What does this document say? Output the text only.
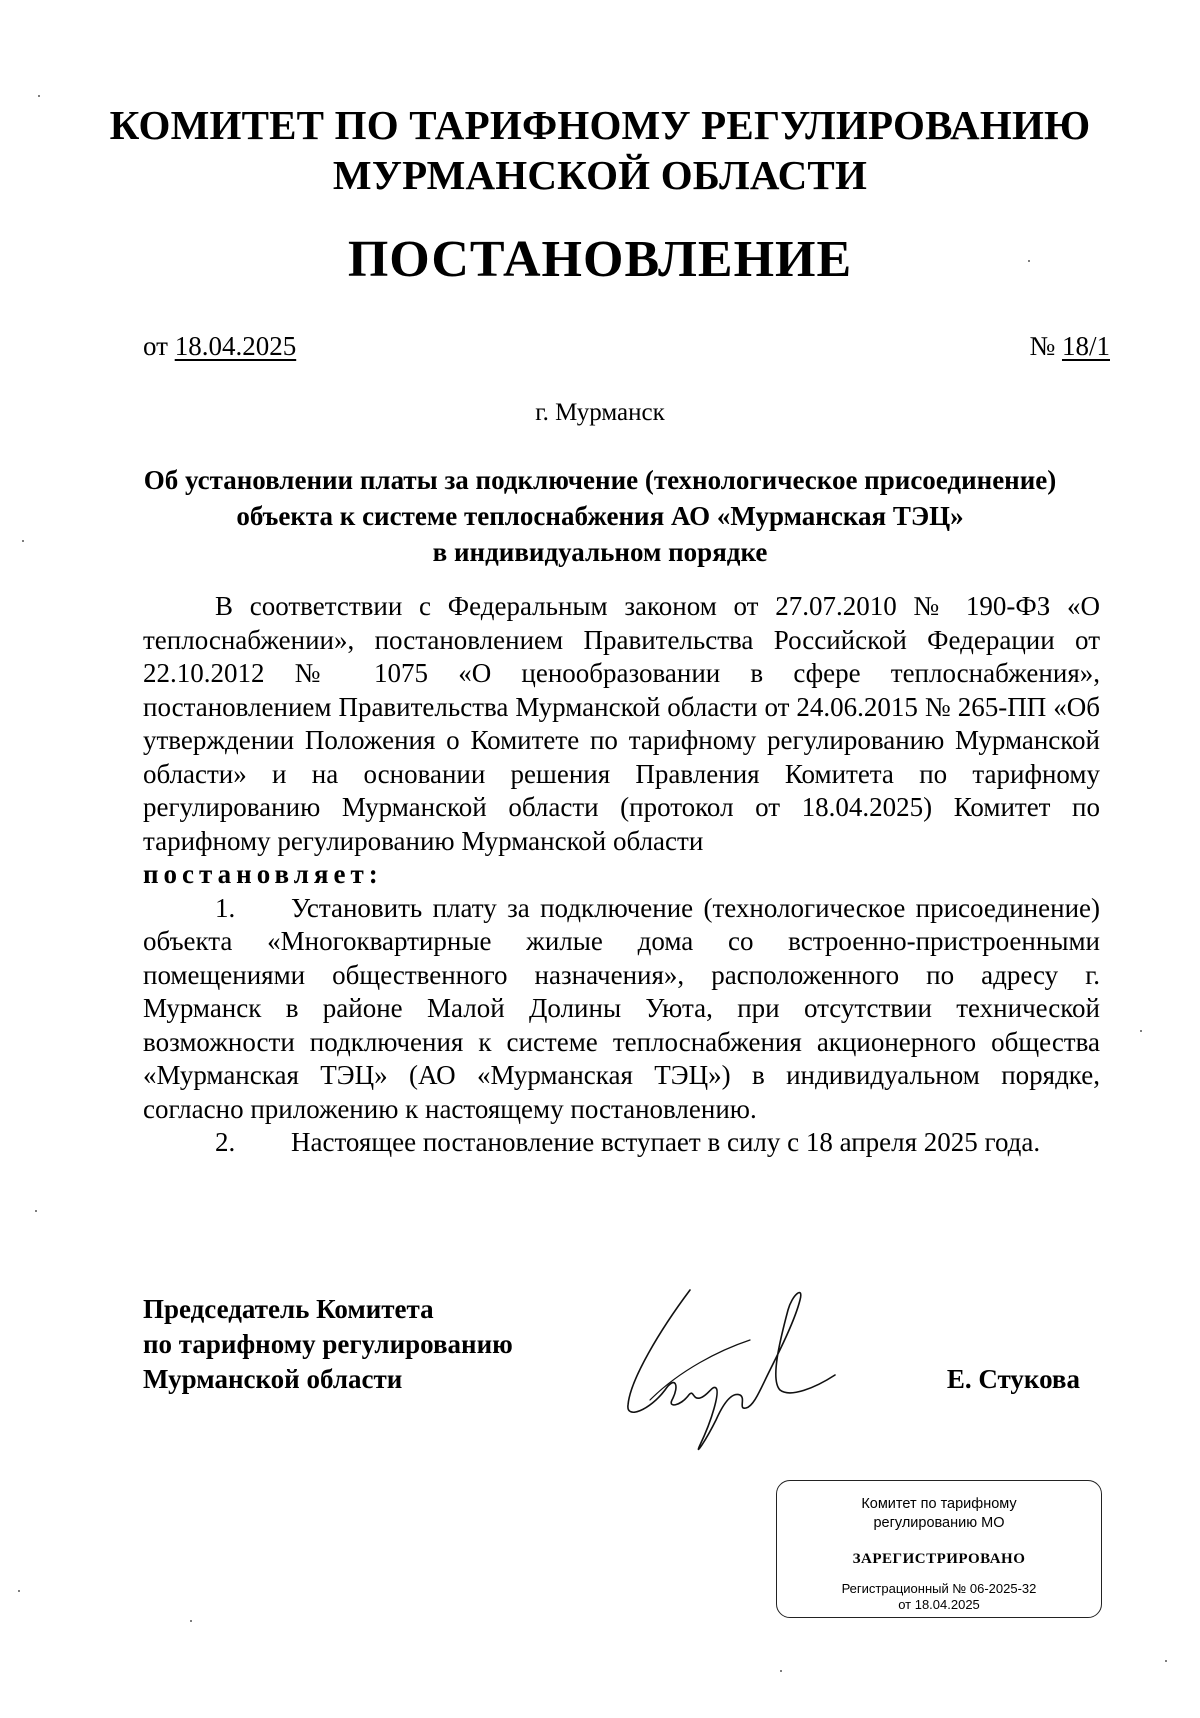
КОМИТЕТ ПО ТАРИФНОМУ РЕГУЛИРОВАНИЮ
МУРМАНСКОЙ ОБЛАСТИ
ПОСТАНОВЛЕНИЕ
от 18.04.2025	№ 18/1
г. Мурманск
Об установлении платы за подключение (технологическое присоединение)
объекта к системе теплоснабжения АО «Мурманская ТЭЦ»
в индивидуальном порядке

В соответствии с Федеральным законом от 27.07.2010 № 190-ФЗ «О теплоснабжении», постановлением Правительства Российской Федерации от 22.10.2012 № 1075 «О ценообразовании в сфере теплоснабжения», постановлением Правительства Мурманской области от 24.06.2015 № 265-ПП «Об утверждении Положения о Комитете по тарифному регулированию Мурманской области» и на основании решения Правления Комитета по тарифному регулированию Мурманской области (протокол от 18.04.2025) Комитет по тарифному регулированию Мурманской области

постановляет:

1. Установить плату за подключение (технологическое присоединение) объекта «Многоквартирные жилые дома со встроенно-пристроенными помещениями общественного назначения», расположенного по адресу г. Мурманск в районе Малой Долины Уюта, при отсутствии технической возможности подключения к системе теплоснабжения акционерного общества «Мурманская ТЭЦ» (АО «Мурманская ТЭЦ») в индивидуальном порядке, согласно приложению к настоящему постановлению.

2. Настоящее постановление вступает в силу с 18 апреля 2025 года.

Председатель Комитета
по тарифному регулированию
Мурманской области	Е. Стукова
Комитет по тарифному
регулированию МО
ЗАРЕГИСТРИРОВАНО
Регистрационный № 06-2025-32
от 18.04.2025
